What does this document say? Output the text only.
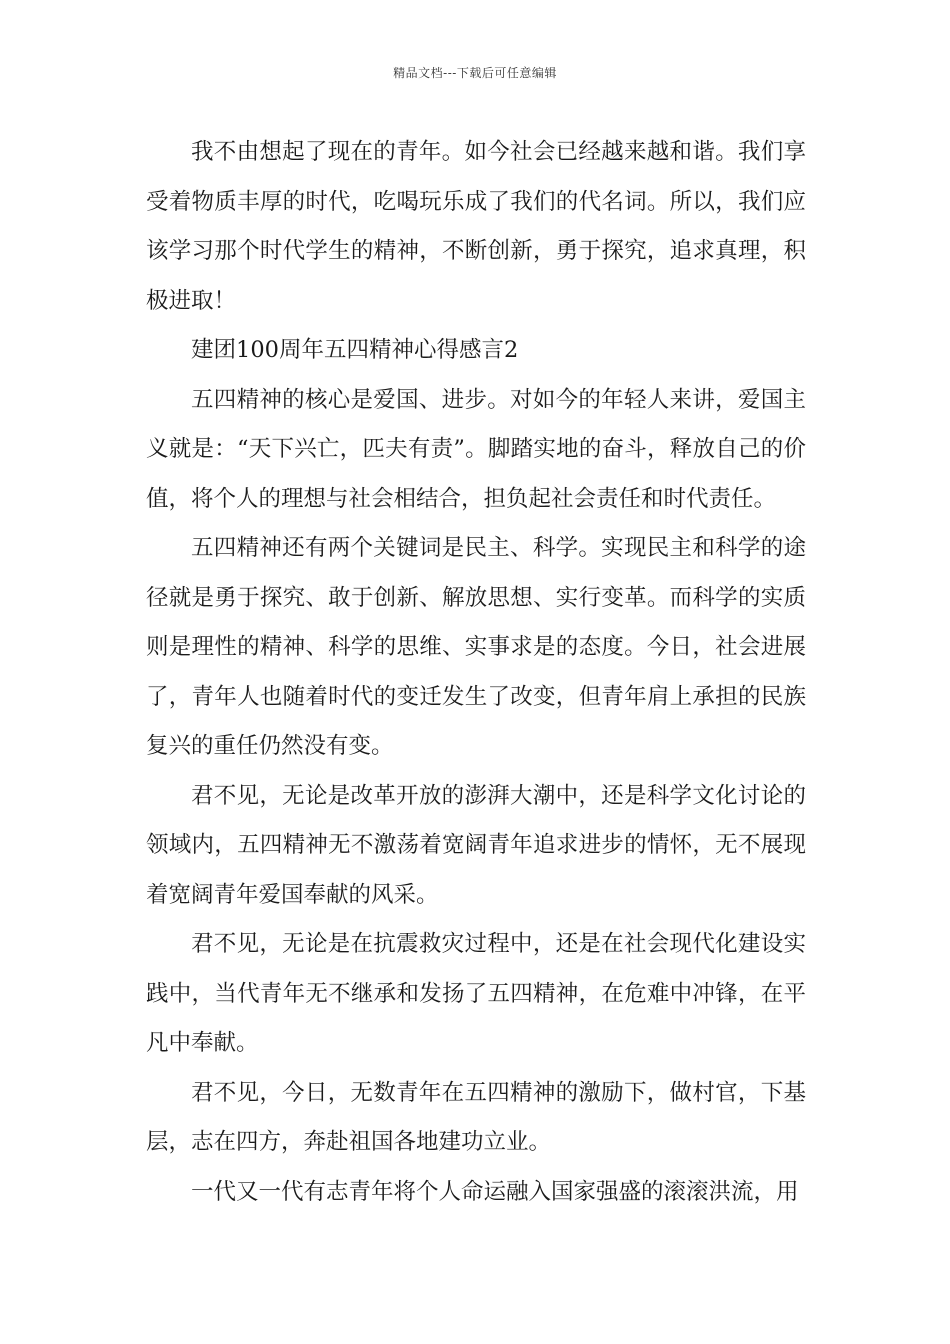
精品文档---下载后可任意编辑

我不由想起了现在的青年。如今社会已经越来越和谐。我们享受着物质丰厚的时代，吃喝玩乐成了我们的代名词。所以，我们应该学习那个时代学生的精神，不断创新，勇于探究，追求真理，积极进取！

建团100周年五四精神心得感言2

五四精神的核心是爱国、进步。对如今的年轻人来讲，爱国主义就是：“天下兴亡，匹夫有责”。脚踏实地的奋斗，释放自己的价值，将个人的理想与社会相结合，担负起社会责任和时代责任。

五四精神还有两个关键词是民主、科学。实现民主和科学的途径就是勇于探究、敢于创新、解放思想、实行变革。而科学的实质则是理性的精神、科学的思维、实事求是的态度。今日，社会进展了，青年人也随着时代的变迁发生了改变，但青年肩上承担的民族复兴的重任仍然没有变。

君不见，无论是改革开放的澎湃大潮中，还是科学文化讨论的领域内，五四精神无不激荡着宽阔青年追求进步的情怀，无不展现着宽阔青年爱国奉献的风采。

君不见，无论是在抗震救灾过程中，还是在社会现代化建设实践中，当代青年无不继承和发扬了五四精神，在危难中冲锋，在平凡中奉献。

君不见，今日，无数青年在五四精神的激励下，做村官，下基层，志在四方，奔赴祖国各地建功立业。

一代又一代有志青年将个人命运融入国家强盛的滚滚洪流，用
